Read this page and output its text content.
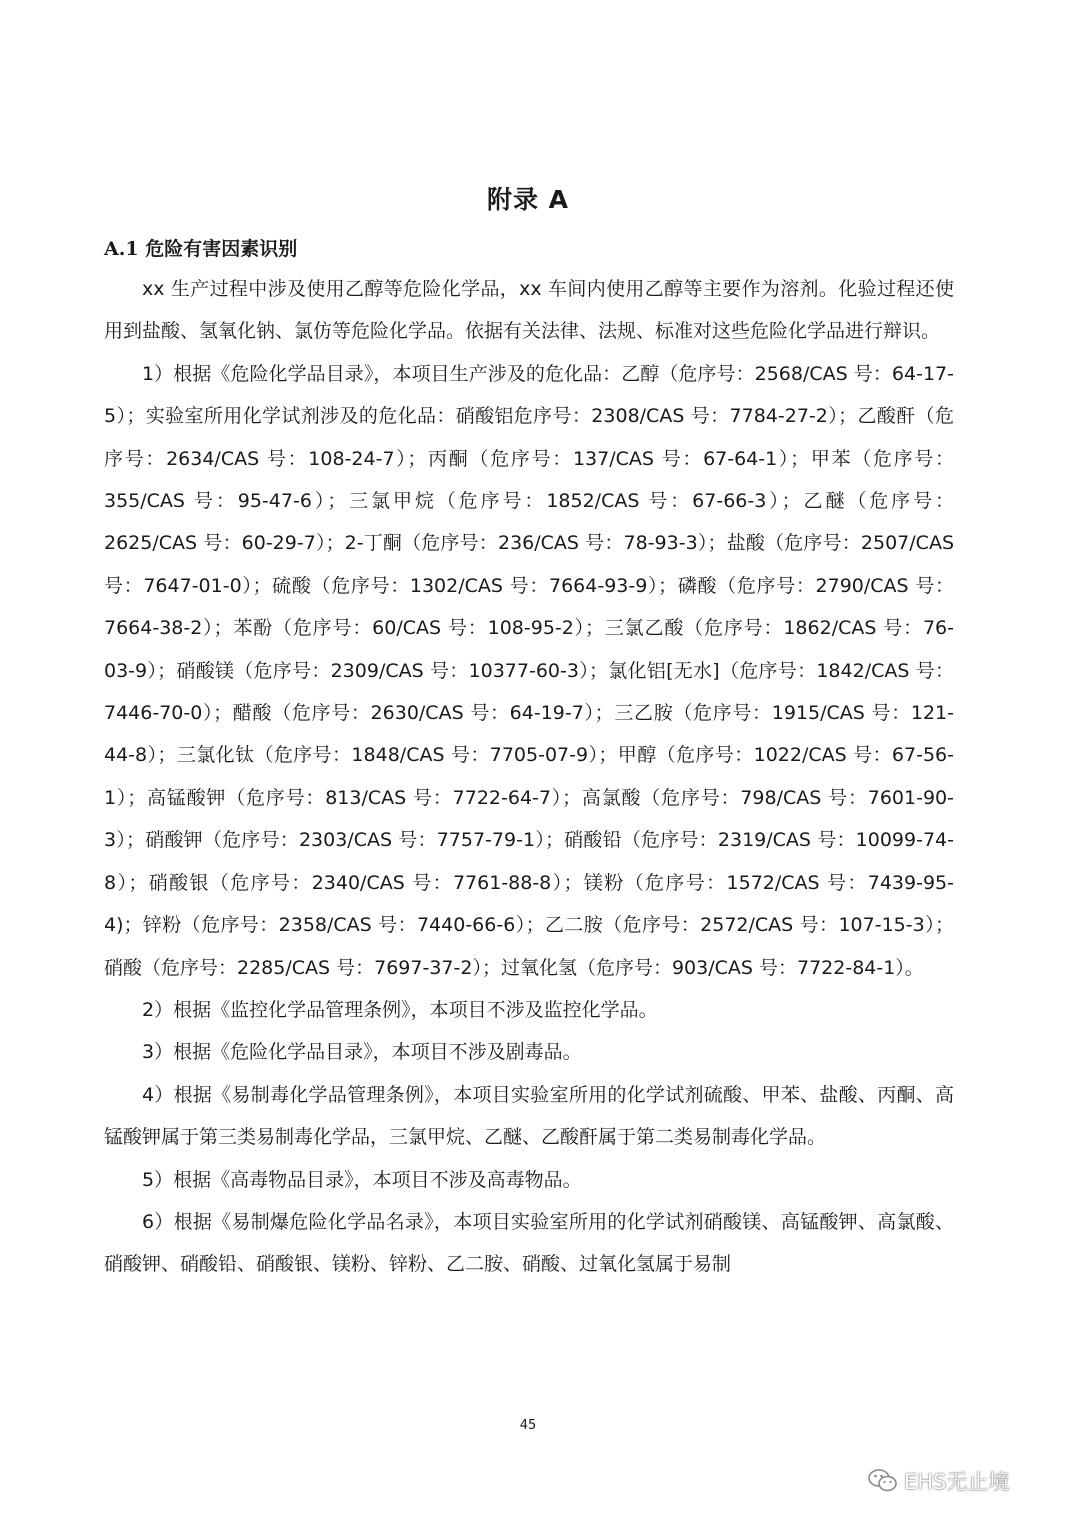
附录 A
A.1 危险有害因素识别

xx 生产过程中涉及使用乙醇等危险化学品，xx 车间内使用乙醇等主要作为溶剂。化验过程还使用到盐酸、氢氧化钠、氯仿等危险化学品。依据有关法律、法规、标准对这些危险化学品进行辩识。

1）根据《危险化学品目录》，本项目生产涉及的危化品：乙醇（危序号：2568/CAS 号：64-17-5）；实验室所用化学试剂涉及的危化品：硝酸铝危序号：2308/CAS 号：7784-27-2）；乙酸酐（危序号：2634/CAS 号：108-24-7）；丙酮（危序号：137/CAS 号：67-64-1）；甲苯（危序号：355/CAS 号：95-47-6）；三氯甲烷（危序号：1852/CAS 号：67-66-3）；乙醚（危序号：2625/CAS 号：60-29-7）；2-丁酮（危序号：236/CAS 号：78-93-3）；盐酸（危序号：2507/CAS 号：7647-01-0）；硫酸（危序号：1302/CAS 号：7664-93-9）；磷酸（危序号：2790/CAS 号：7664-38-2）；苯酚（危序号：60/CAS 号：108-95-2）；三氯乙酸（危序号：1862/CAS 号：76-03-9）；硝酸镁（危序号：2309/CAS 号：10377-60-3）；氯化铝[无水]（危序号：1842/CAS 号：7446-70-0）；醋酸（危序号：2630/CAS 号：64-19-7）；三乙胺（危序号：1915/CAS 号：121-44-8）；三氯化钛（危序号：1848/CAS 号：7705-07-9）；甲醇（危序号：1022/CAS 号：67-56-1）；高锰酸钾（危序号：813/CAS 号：7722-64-7）；高氯酸（危序号：798/CAS 号：7601-90-3）；硝酸钾（危序号：2303/CAS 号：7757-79-1）；硝酸铅（危序号：2319/CAS 号：10099-74-8）；硝酸银（危序号：2340/CAS 号：7761-88-8）；镁粉（危序号：1572/CAS 号：7439-95-4)；锌粉（危序号：2358/CAS 号：7440-66-6）；乙二胺（危序号：2572/CAS 号：107-15-3）；硝酸（危序号：2285/CAS 号：7697-37-2）；过氧化氢（危序号：903/CAS 号：7722-84-1）。

2）根据《监控化学品管理条例》，本项目不涉及监控化学品。

3）根据《危险化学品目录》，本项目不涉及剧毒品。

4）根据《易制毒化学品管理条例》，本项目实验室所用的化学试剂硫酸、甲苯、盐酸、丙酮、高锰酸钾属于第三类易制毒化学品，三氯甲烷、乙醚、乙酸酐属于第二类易制毒化学品。

5）根据《高毒物品目录》，本项目不涉及高毒物品。

6）根据《易制爆危险化学品名录》，本项目实验室所用的化学试剂硝酸镁、高锰酸钾、高氯酸、硝酸钾、硝酸铅、硝酸银、镁粉、锌粉、乙二胺、硝酸、过氧化氢属于易制

45
EHS无止境
